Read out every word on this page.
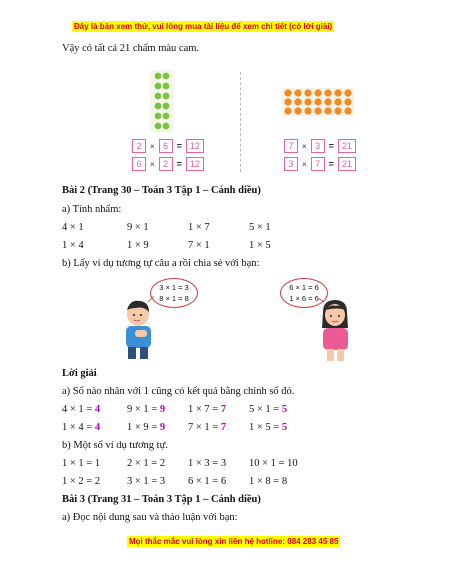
Đây là bản xem thử, vui lòng mua tài liệu để xem chi tiết (có lời giải)
Vậy có tất cả 21 chấm màu cam.
2	× 6 = 12
6	× 2 = 12
7	× 3 = 21
3	× 7 = 21
Bài 2 (Trang 30 – Toán 3 Tập 1 – Cánh diều)
a) Tính nhẩm:
4 × 1	9 × 1	1 × 7	5 × 1
1 × 4	1 × 9	7 × 1	1 × 5
b) Lấy ví dụ tương tự câu a rồi chia sẻ với bạn:
3 × 1 = 3
8 × 1 = 8
6 × 1 = 6
1 × 6 = 6
Lời giải
a) Số nào nhân với 1 cũng có kết quả bằng chính số đó.
4 × 1 = 4	9 × 1 = 9 1 × 7 = 7 5 × 1 = 5
1 × 4 = 4	1 × 9 = 9 7 × 1 = 7 1 × 5 = 5
b) Một số ví dụ tương tự.
1 × 1 = 1	2 × 1 = 2 1 × 3 = 3 10 × 1 = 10
1 × 2 = 2	3 × 1 = 3 6 × 1 = 6 1 × 8 = 8
Bài 3 (Trang 31 – Toán 3 Tập 1 – Cánh diều)
a) Đọc nội dung sau và thảo luận với bạn:
Mọi thắc mắc vui lòng xin liên hệ hotline: 084 283 45 85
